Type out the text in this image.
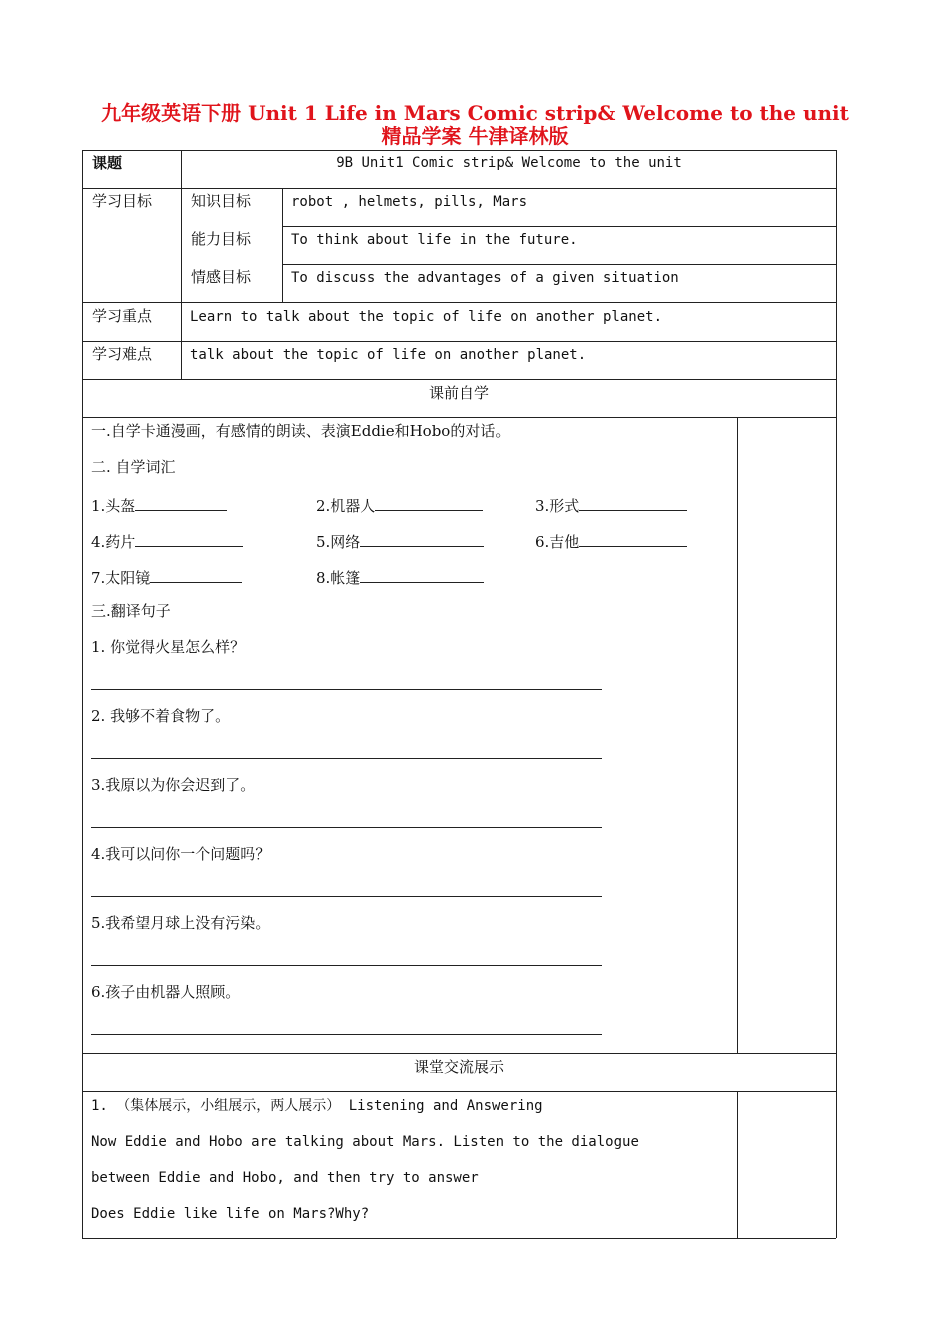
九年级英语下册 Unit 1 Life in Mars Comic strip& Welcome to the unit
精品学案 牛津译林版
课题	9B Unit1 Comic strip& Welcome to the unit
学习目标	知识目标	robot , helmets, pills, Mars
能力目标	To think about life in the future.
情感目标	To discuss the advantages of a given situation
学习重点	Learn to talk about the topic of life on another planet.
学习难点	talk about the topic of life on another planet.
课前自学
一.自学卡通漫画，有感情的朗读、表演Eddie和Hobo的对话。
二. 自学词汇
1.头盔	2.机器人	3.形式
4.药片	5.网络	6.吉他
7.太阳镜	8.帐篷
三.翻译句子
1. 你觉得火星怎么样？
2. 我够不着食物了。
3.我原以为你会迟到了。
4.我可以问你一个问题吗？
5.我希望月球上没有污染。
6.孩子由机器人照顾。
课堂交流展示
1. （集体展示，小组展示，两人展示） Listening and Answering
Now Eddie and Hobo are talking about Mars. Listen to the dialogue
between Eddie and Hobo, and then try to answer
Does Eddie like life on Mars?Why?
